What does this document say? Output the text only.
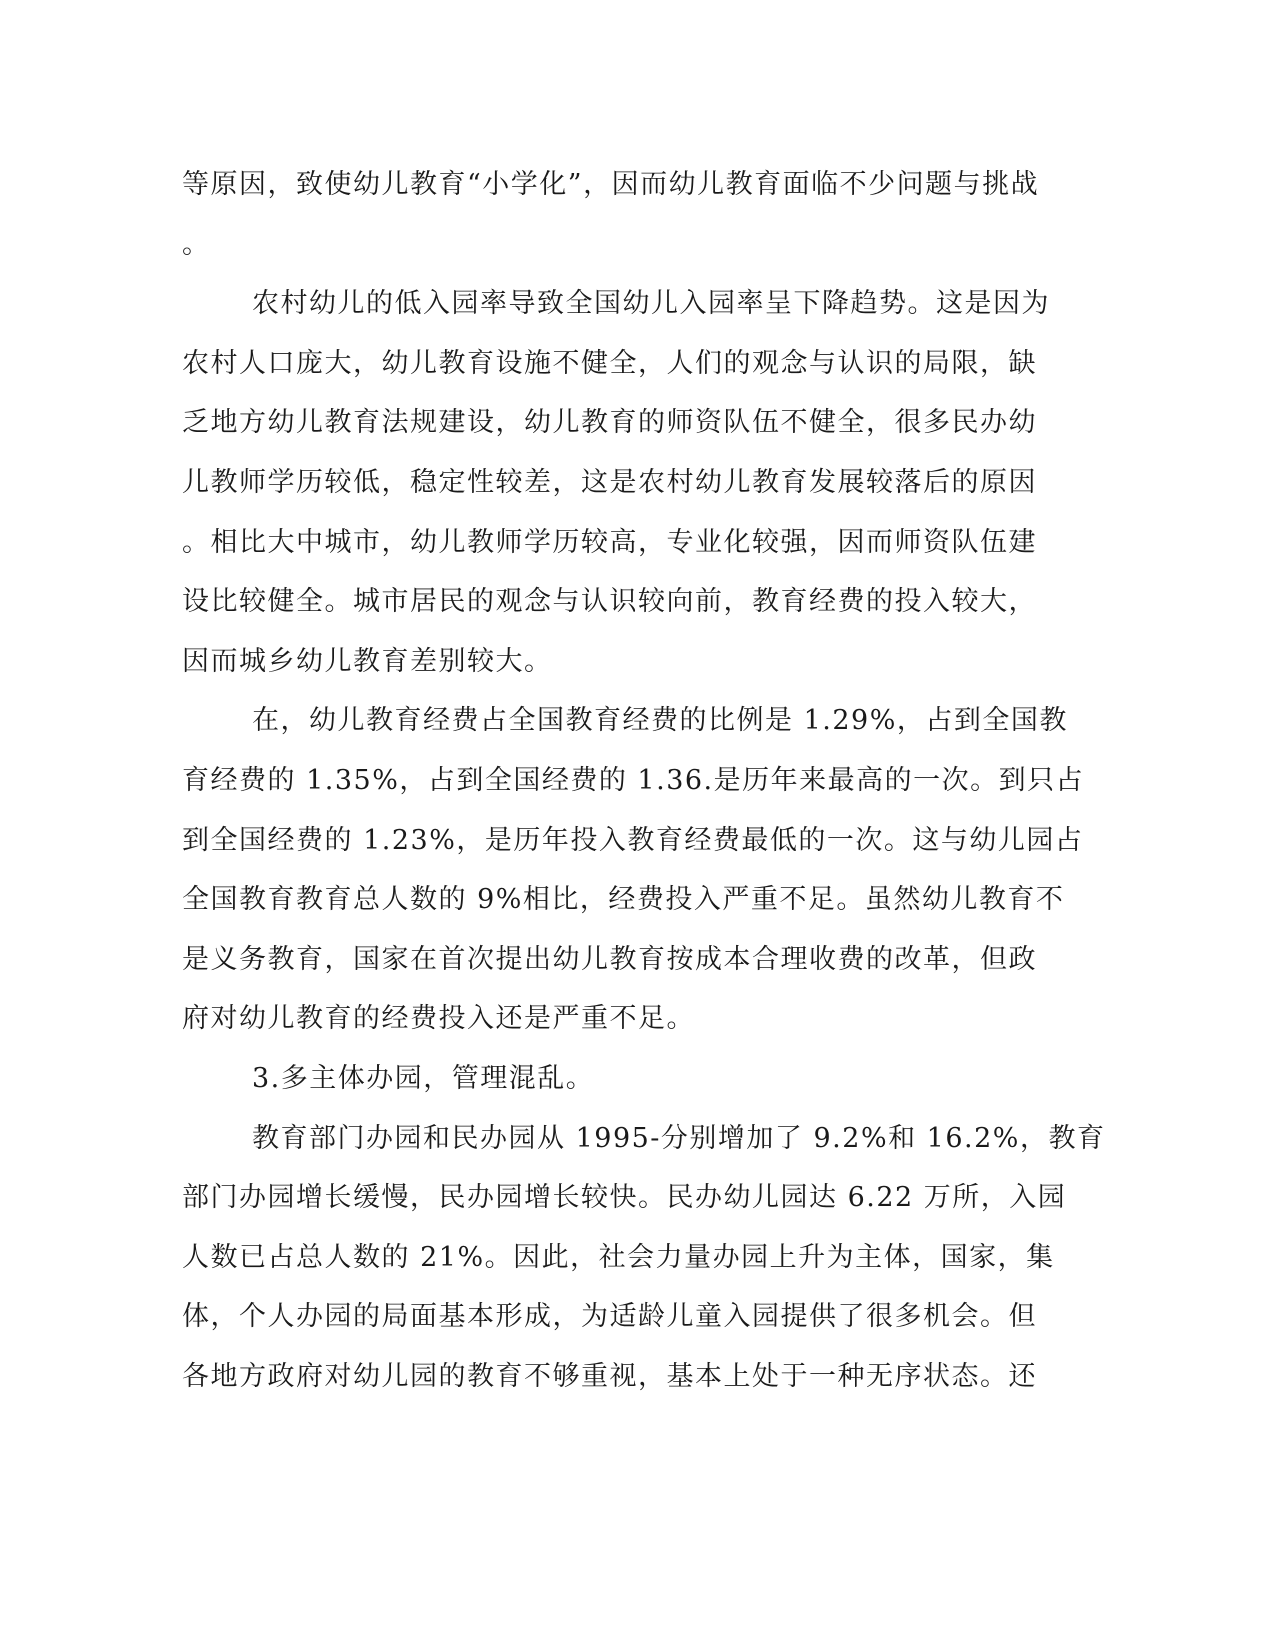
等原因，致使幼儿教育“小学化”，因而幼儿教育面临不少问题与挑战
。
农村幼儿的低入园率导致全国幼儿入园率呈下降趋势。这是因为
农村人口庞大，幼儿教育设施不健全，人们的观念与认识的局限，缺
乏地方幼儿教育法规建设，幼儿教育的师资队伍不健全，很多民办幼
儿教师学历较低，稳定性较差，这是农村幼儿教育发展较落后的原因
。相比大中城市，幼儿教师学历较高，专业化较强，因而师资队伍建
设比较健全。城市居民的观念与认识较向前，教育经费的投入较大，
因而城乡幼儿教育差别较大。
在，幼儿教育经费占全国教育经费的比例是 1.29%，占到全国教
育经费的 1.35%，占到全国经费的 1.36.是历年来最高的一次。到只占
到全国经费的 1.23%，是历年投入教育经费最低的一次。这与幼儿园占
全国教育教育总人数的 9%相比，经费投入严重不足。虽然幼儿教育不
是义务教育，国家在首次提出幼儿教育按成本合理收费的改革，但政
府对幼儿教育的经费投入还是严重不足。
3.多主体办园，管理混乱。
教育部门办园和民办园从 1995-分别增加了 9.2%和 16.2%，教育
部门办园增长缓慢，民办园增长较快。民办幼儿园达 6.22 万所，入园
人数已占总人数的 21%。因此，社会力量办园上升为主体，国家，集
体，个人办园的局面基本形成，为适龄儿童入园提供了很多机会。但
各地方政府对幼儿园的教育不够重视，基本上处于一种无序状态。还
